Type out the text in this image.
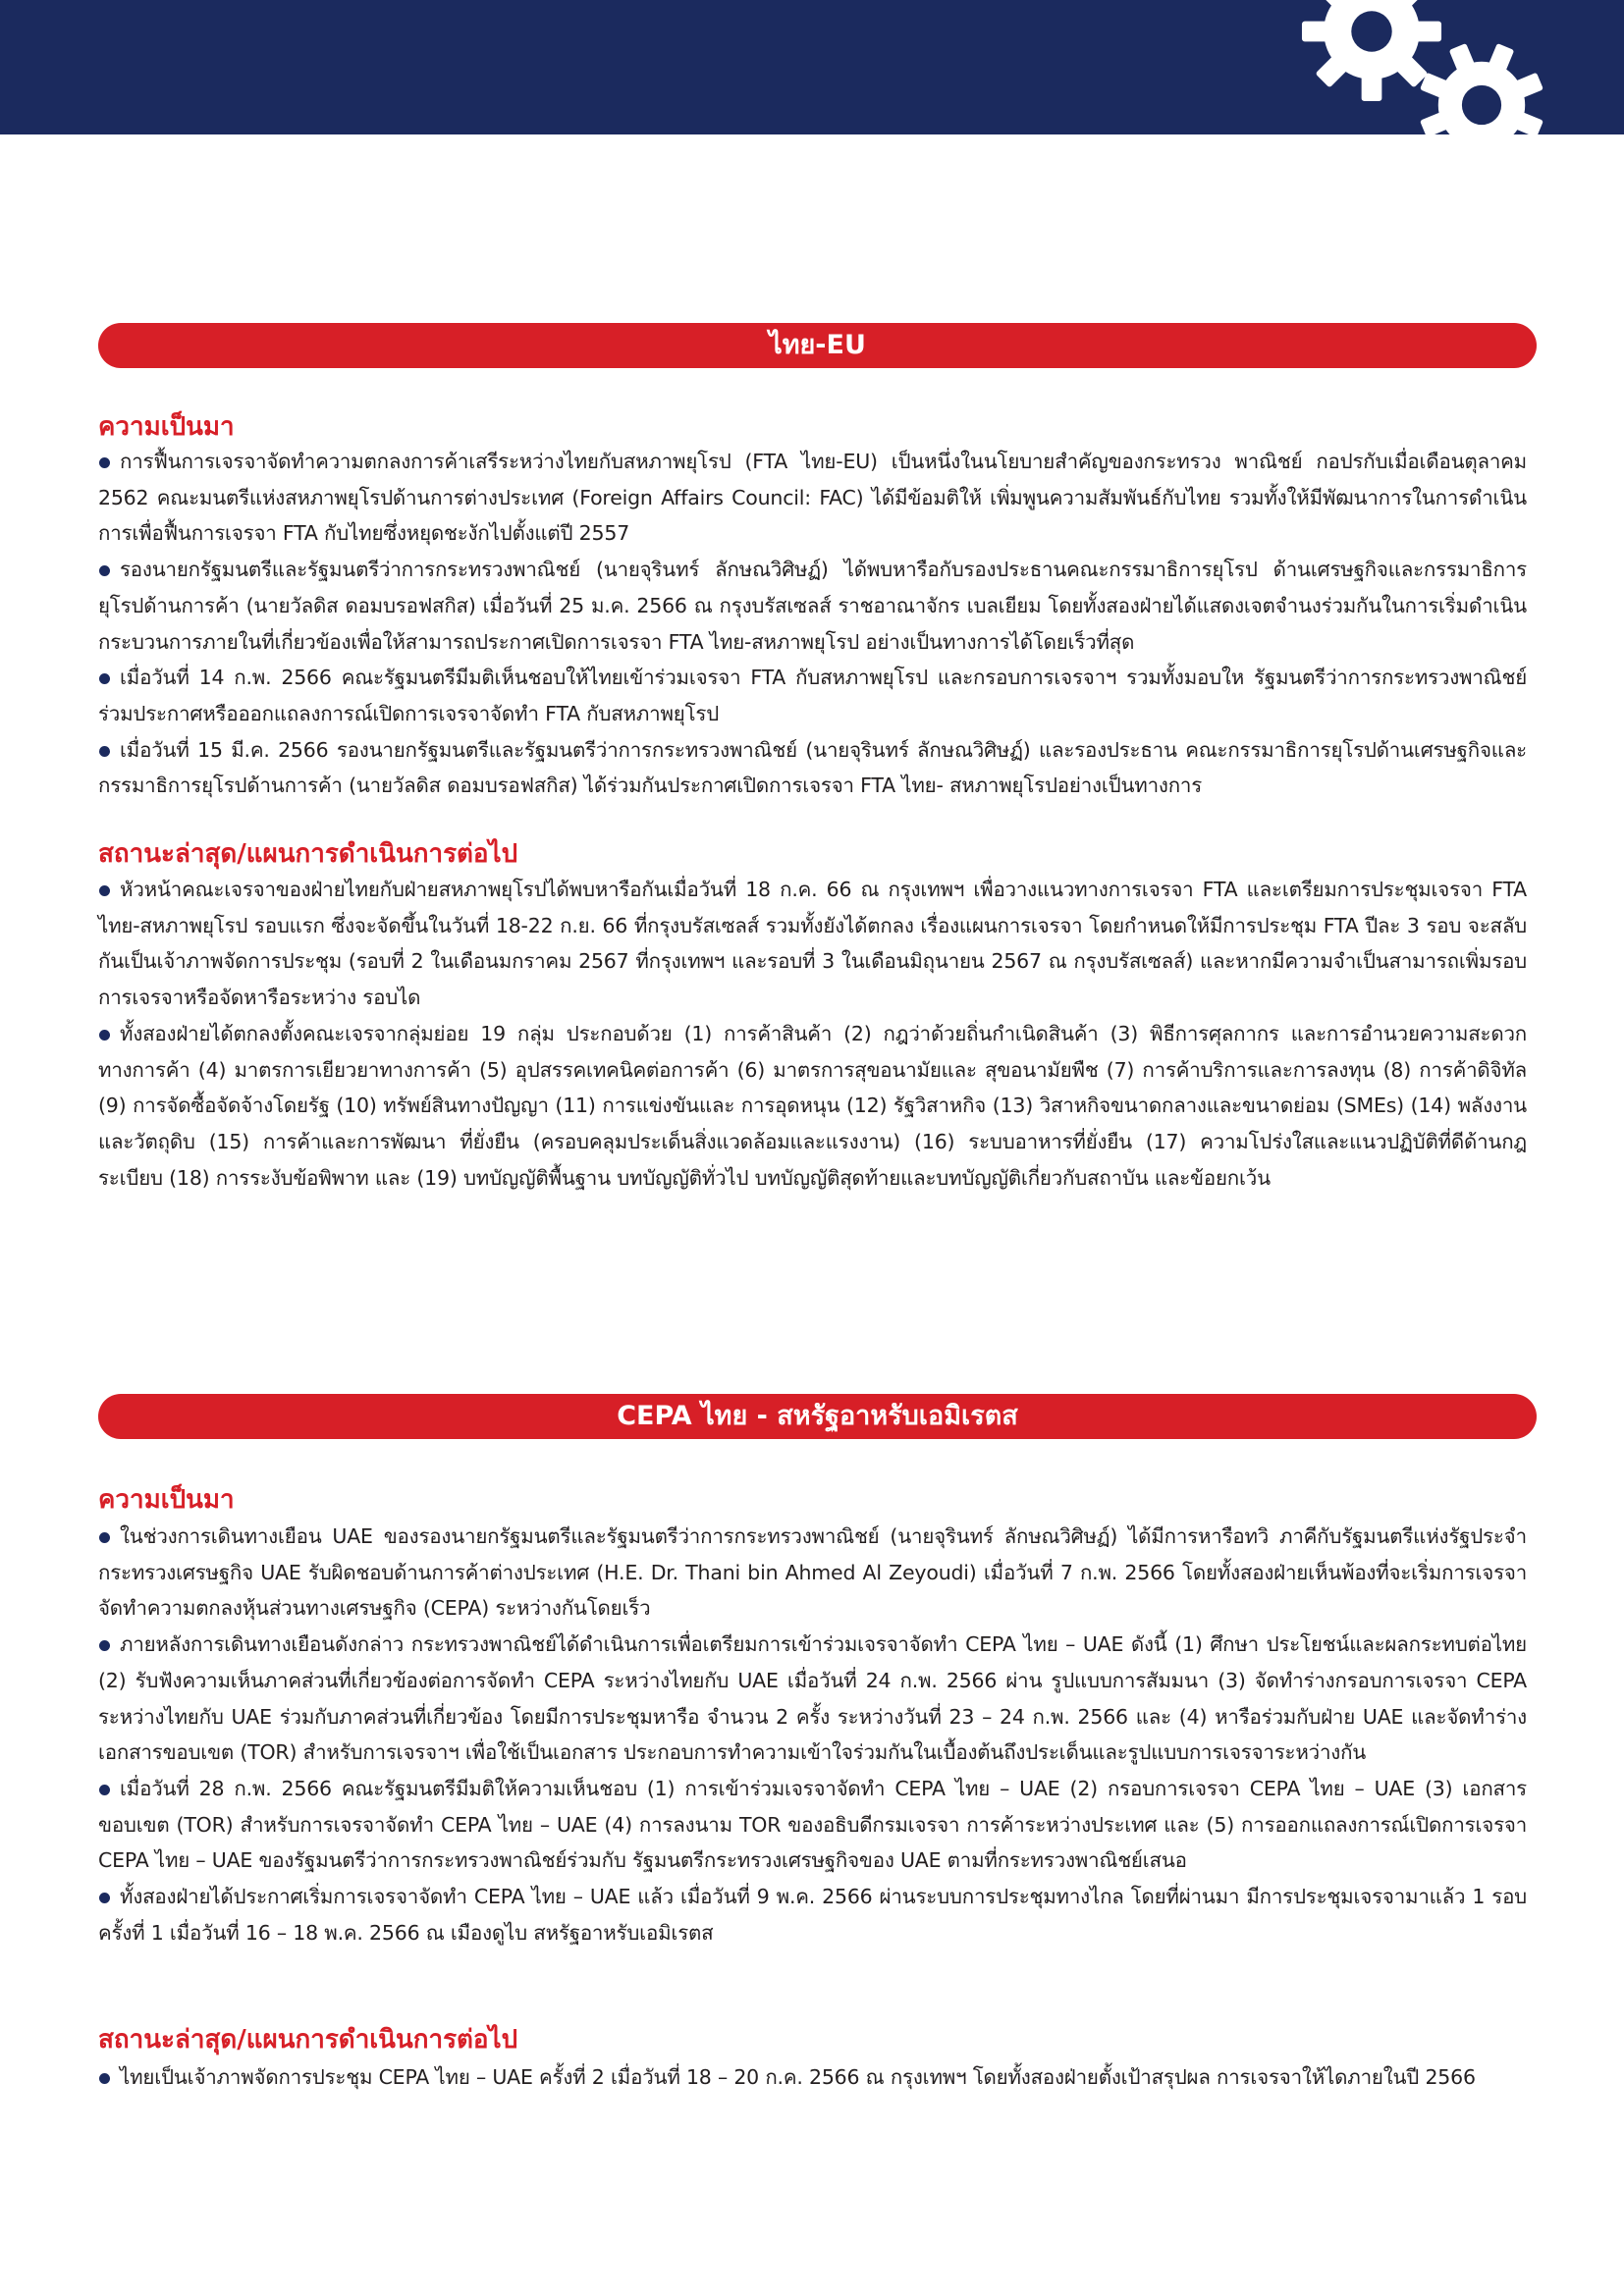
ไทย-EU
ความเป็นมา

การฟื้นการเจรจาจัดทำความตกลงการค้าเสรีระหว่างไทยกับสหภาพยุโรป (FTA ไทย-EU) เป็นหนึ่งในนโยบายสำคัญของกระทรวง พาณิชย์ กอปรกับเมื่อเดือนตุลาคม 2562 คณะมนตรีแห่งสหภาพยุโรปด้านการต่างประเทศ (Foreign Affairs Council: FAC) ได้มีข้อมติให้ เพิ่มพูนความสัมพันธ์กับไทย รวมทั้งให้มีพัฒนาการในการดำเนินการเพื่อฟื้นการเจรจา FTA กับไทยซึ่งหยุดชะงักไปตั้งแต่ปี 2557

รองนายกรัฐมนตรีและรัฐมนตรีว่าการกระทรวงพาณิชย์ (นายจุรินทร์ ลักษณวิศิษฏ์) ได้พบหารือกับรองประธานคณะกรรมาธิการยุโรป ด้านเศรษฐกิจและกรรมาธิการยุโรปด้านการค้า (นายวัลดิส ดอมบรอฟสกิส) เมื่อวันที่ 25 ม.ค. 2566 ณ กรุงบรัสเซลส์ ราชอาณาจักร เบลเยียม โดยทั้งสองฝ่ายได้แสดงเจตจำนงร่วมกันในการเริ่มดำเนินกระบวนการภายในที่เกี่ยวข้องเพื่อให้สามารถประกาศเปิดการเจรจา FTA ไทย-สหภาพยุโรป อย่างเป็นทางการได้โดยเร็วที่สุด

เมื่อวันที่ 14 ก.พ. 2566 คณะรัฐมนตรีมีมติเห็นชอบให้ไทยเข้าร่วมเจรจา FTA กับสหภาพยุโรป และกรอบการเจรจาฯ รวมทั้งมอบให รัฐมนตรีว่าการกระทรวงพาณิชย์ร่วมประกาศหรือออกแถลงการณ์เปิดการเจรจาจัดทำ FTA กับสหภาพยุโรป

เมื่อวันที่ 15 มี.ค. 2566 รองนายกรัฐมนตรีและรัฐมนตรีว่าการกระทรวงพาณิชย์ (นายจุรินทร์ ลักษณวิศิษฏ์) และรองประธาน คณะกรรมาธิการยุโรปด้านเศรษฐกิจและกรรมาธิการยุโรปด้านการค้า (นายวัลดิส ดอมบรอฟสกิส) ได้ร่วมกันประกาศเปิดการเจรจา FTA ไทย- สหภาพยุโรปอย่างเป็นทางการ

สถานะล่าสุด/แผนการดำเนินการต่อไป

หัวหน้าคณะเจรจาของฝ่ายไทยกับฝ่ายสหภาพยุโรปได้พบหารือกันเมื่อวันที่ 18 ก.ค. 66 ณ กรุงเทพฯ เพื่อวางแนวทางการเจรจา FTA และเตรียมการประชุมเจรจา FTA ไทย-สหภาพยุโรป รอบแรก ซึ่งจะจัดขึ้นในวันที่ 18-22 ก.ย. 66 ที่กรุงบรัสเซลส์ รวมทั้งยังได้ตกลง เรื่องแผนการเจรจา โดยกำหนดให้มีการประชุม FTA ปีละ 3 รอบ จะสลับกันเป็นเจ้าภาพจัดการประชุม (รอบที่ 2 ในเดือนมกราคม 2567 ที่กรุงเทพฯ และรอบที่ 3 ในเดือนมิถุนายน 2567 ณ กรุงบรัสเซลส์) และหากมีความจำเป็นสามารถเพิ่มรอบการเจรจาหรือจัดหารือระหว่าง รอบได

ทั้งสองฝ่ายได้ตกลงตั้งคณะเจรจากลุ่มย่อย 19 กลุ่ม ประกอบด้วย (1) การค้าสินค้า (2) กฎว่าด้วยถิ่นกำเนิดสินค้า (3) พิธีการศุลกากร และการอำนวยความสะดวกทางการค้า (4) มาตรการเยียวยาทางการค้า (5) อุปสรรคเทคนิคต่อการค้า (6) มาตรการสุขอนามัยและ สุขอนามัยพืช (7) การค้าบริการและการลงทุน (8) การค้าดิจิทัล (9) การจัดซื้อจัดจ้างโดยรัฐ (10) ทรัพย์สินทางปัญญา (11) การแข่งขันและ การอุดหนุน (12) รัฐวิสาหกิจ (13) วิสาหกิจขนาดกลางและขนาดย่อม (SMEs) (14) พลังงานและวัตถุดิบ (15) การค้าและการพัฒนา ที่ยั่งยืน (ครอบคลุมประเด็นสิ่งแวดล้อมและแรงงาน) (16) ระบบอาหารที่ยั่งยืน (17) ความโปร่งใสและแนวปฏิบัติที่ดีด้านกฎระเบียบ (18) การระงับข้อพิพาท และ (19) บทบัญญัติพื้นฐาน บทบัญญัติทั่วไป บทบัญญัติสุดท้ายและบทบัญญัติเกี่ยวกับสถาบัน และข้อยกเว้น

CEPA ไทย - สหรัฐอาหรับเอมิเรตส
ความเป็นมา

ในช่วงการเดินทางเยือน UAE ของรองนายกรัฐมนตรีและรัฐมนตรีว่าการกระทรวงพาณิชย์ (นายจุรินทร์ ลักษณวิศิษฏ์) ได้มีการหารือทวิ ภาคีกับรัฐมนตรีแห่งรัฐประจำกระทรวงเศรษฐกิจ UAE รับผิดชอบด้านการค้าต่างประเทศ (H.E. Dr. Thani bin Ahmed Al Zeyoudi) เมื่อวันที่ 7 ก.พ. 2566 โดยทั้งสองฝ่ายเห็นพ้องที่จะเริ่มการเจรจาจัดทำความตกลงหุ้นส่วนทางเศรษฐกิจ (CEPA) ระหว่างกันโดยเร็ว

ภายหลังการเดินทางเยือนดังกล่าว กระทรวงพาณิชย์ได้ดำเนินการเพื่อเตรียมการเข้าร่วมเจรจาจัดทำ CEPA ไทย – UAE ดังนี้ (1) ศึกษา ประโยชน์และผลกระทบต่อไทย (2) รับฟังความเห็นภาคส่วนที่เกี่ยวข้องต่อการจัดทำ CEPA ระหว่างไทยกับ UAE เมื่อวันที่ 24 ก.พ. 2566 ผ่าน รูปแบบการสัมมนา (3) จัดทำร่างกรอบการเจรจา CEPA ระหว่างไทยกับ UAE ร่วมกับภาคส่วนที่เกี่ยวข้อง โดยมีการประชุมหารือ จำนวน 2 ครั้ง ระหว่างวันที่ 23 – 24 ก.พ. 2566 และ (4) หารือร่วมกับฝ่าย UAE และจัดทำร่างเอกสารขอบเขต (TOR) สำหรับการเจรจาฯ เพื่อใช้เป็นเอกสาร ประกอบการทำความเข้าใจร่วมกันในเบื้องต้นถึงประเด็นและรูปแบบการเจรจาระหว่างกัน

เมื่อวันที่ 28 ก.พ. 2566 คณะรัฐมนตรีมีมติให้ความเห็นชอบ (1) การเข้าร่วมเจรจาจัดทำ CEPA ไทย – UAE (2) กรอบการเจรจา CEPA ไทย – UAE (3) เอกสารขอบเขต (TOR) สำหรับการเจรจาจัดทำ CEPA ไทย – UAE (4) การลงนาม TOR ของอธิบดีกรมเจรจา การค้าระหว่างประเทศ และ (5) การออกแถลงการณ์เปิดการเจรจา CEPA ไทย – UAE ของรัฐมนตรีว่าการกระทรวงพาณิชย์ร่วมกับ รัฐมนตรีกระทรวงเศรษฐกิจของ UAE ตามที่กระทรวงพาณิชย์เสนอ

ทั้งสองฝ่ายได้ประกาศเริ่มการเจรจาจัดทำ CEPA ไทย – UAE แล้ว เมื่อวันที่ 9 พ.ค. 2566 ผ่านระบบการประชุมทางไกล โดยที่ผ่านมา มีการประชุมเจรจามาแล้ว 1 รอบ ครั้งที่ 1 เมื่อวันที่ 16 – 18 พ.ค. 2566 ณ เมืองดูไบ สหรัฐอาหรับเอมิเรตส

สถานะล่าสุด/แผนการดำเนินการต่อไป

ไทยเป็นเจ้าภาพจัดการประชุม CEPA ไทย – UAE ครั้งที่ 2 เมื่อวันที่ 18 – 20 ก.ค. 2566 ณ กรุงเทพฯ โดยทั้งสองฝ่ายตั้งเป้าสรุปผล การเจรจาให้ไดภายในปี 2566
